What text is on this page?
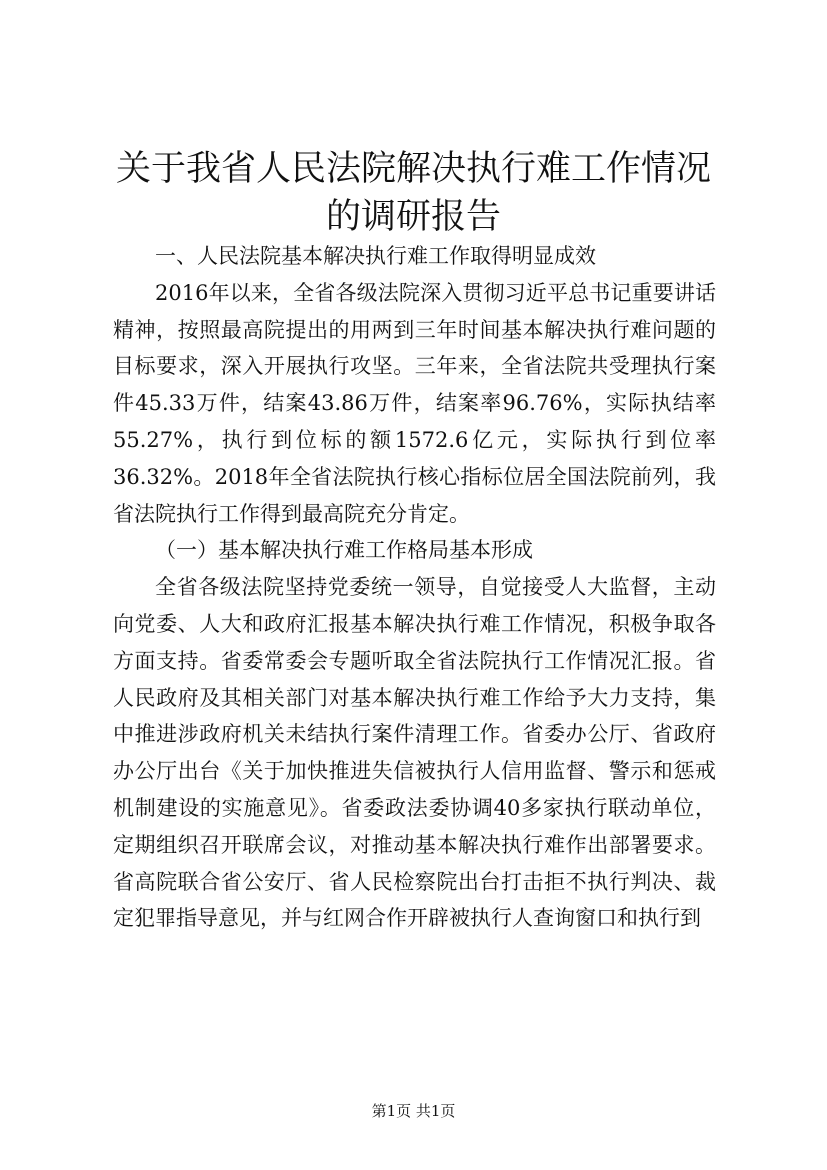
关于我省人民法院解决执行难工作情况的调研报告

一、人民法院基本解决执行难工作取得明显成效

2016年以来，全省各级法院深入贯彻习近平总书记重要讲话精神，按照最高院提出的用两到三年时间基本解决执行难问题的目标要求，深入开展执行攻坚。三年来，全省法院共受理执行案件45.33万件，结案43.86万件，结案率96.76%，实际执结率55.27%，执行到位标的额1572.6亿元，实际执行到位率36.32%。2018年全省法院执行核心指标位居全国法院前列，我省法院执行工作得到最高院充分肯定。

（一）基本解决执行难工作格局基本形成

全省各级法院坚持党委统一领导，自觉接受人大监督，主动向党委、人大和政府汇报基本解决执行难工作情况，积极争取各方面支持。省委常委会专题听取全省法院执行工作情况汇报。省人民政府及其相关部门对基本解决执行难工作给予大力支持，集中推进涉政府机关未结执行案件清理工作。省委办公厅、省政府办公厅出台《关于加快推进失信被执行人信用监督、警示和惩戒机制建设的实施意见》。省委政法委协调40多家执行联动单位，定期组织召开联席会议，对推动基本解决执行难作出部署要求。省高院联合省公安厅、省人民检察院出台打击拒不执行判决、裁定犯罪指导意见，并与红网合作开辟被执行人查询窗口和执行到

第1页 共1页
